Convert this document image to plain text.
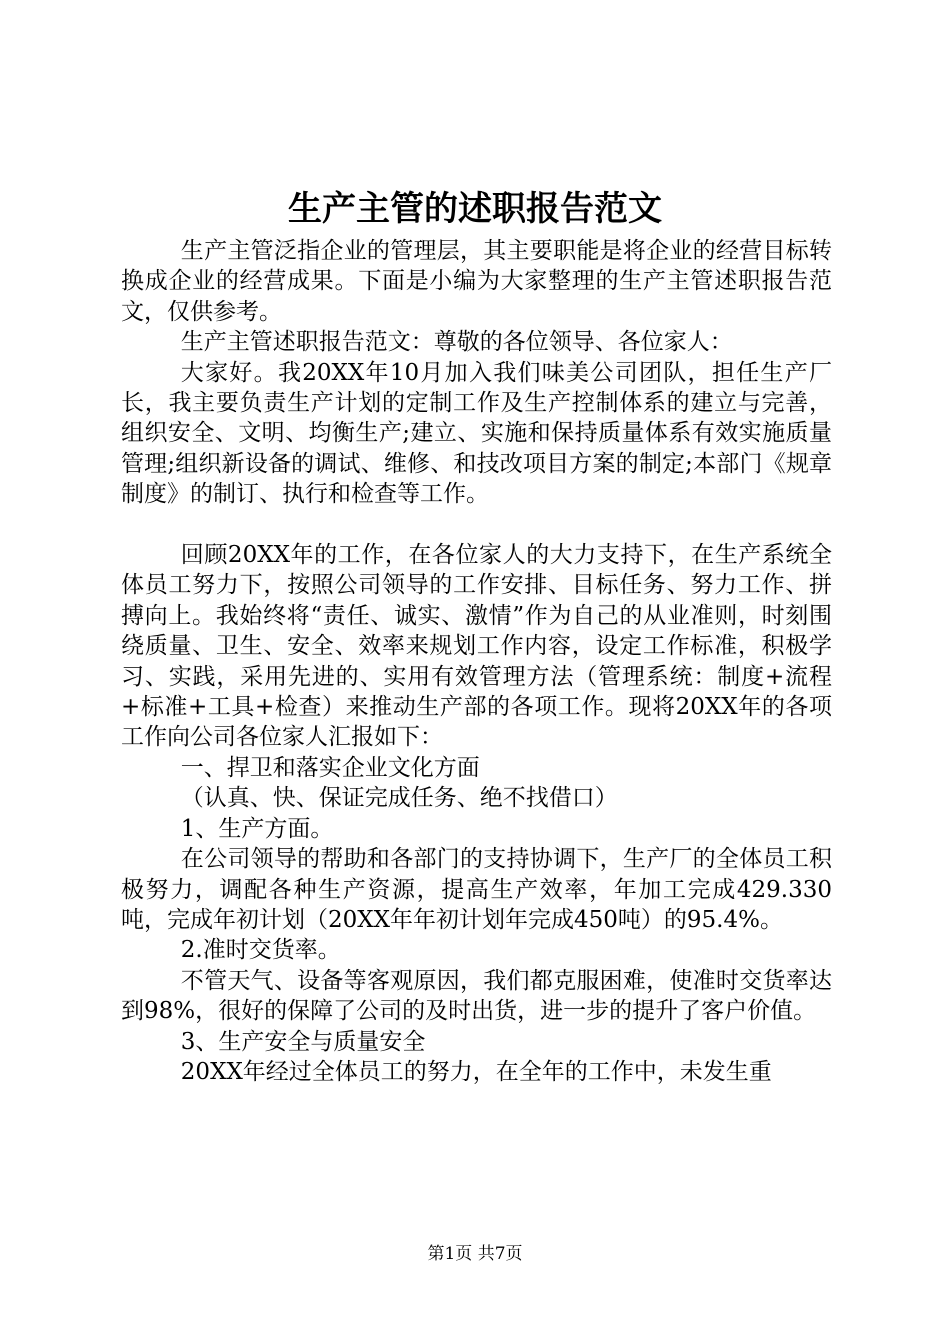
生产主管的述职报告范文

生产主管泛指企业的管理层，其主要职能是将企业的经营目标转换成企业的经营成果。下面是小编为大家整理的生产主管述职报告范文，仅供参考。

生产主管述职报告范文：尊敬的各位领导、各位家人：

大家好。我20XX年10月加入我们味美公司团队，担任生产厂长，我主要负责生产计划的定制工作及生产控制体系的建立与完善，组织安全、文明、均衡生产;建立、实施和保持质量体系有效实施质量管理;组织新设备的调试、维修、和技改项目方案的制定;本部门《规章制度》的制订、执行和检查等工作。

回顾20XX年的工作，在各位家人的大力支持下，在生产系统全体员工努力下，按照公司领导的工作安排、目标任务、努力工作、拼搏向上。我始终将“责任、诚实、激情”作为自己的从业准则，时刻围绕质量、卫生、安全、效率来规划工作内容，设定工作标准，积极学习、实践，采用先进的、实用有效管理方法（管理系统：制度+流程+标准+工具+检查）来推动生产部的各项工作。现将20XX年的各项工作向公司各位家人汇报如下：

一、捍卫和落实企业文化方面

（认真、快、保证完成任务、绝不找借口）

1、生产方面。

在公司领导的帮助和各部门的支持协调下，生产厂的全体员工积极努力，调配各种生产资源，提高生产效率，年加工完成429.330吨，完成年初计划（20XX年年初计划年完成450吨）的95.4%。

2.准时交货率。

不管天气、设备等客观原因，我们都克服困难，使准时交货率达到98%，很好的保障了公司的及时出货，进一步的提升了客户价值。

3、生产安全与质量安全

20XX年经过全体员工的努力，在全年的工作中，未发生重

第1页 共7页
